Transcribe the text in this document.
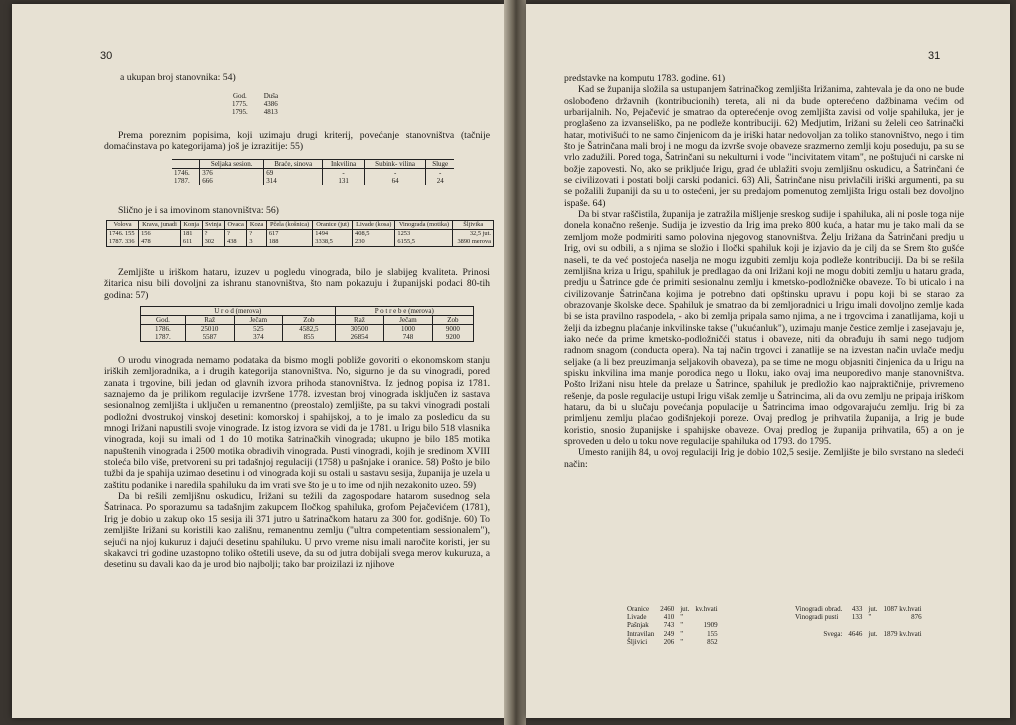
30
a ukupan broj stanovnika: 54)
God.	Duša
1775.	4386
1795.	4813

Prema poreznim popisima, koji uzimaju drugi kriterij, povećanje stanovništva (tačnije domaćinstava po kategorijama) još je izrazitije: 55)

	Seljaka sesion.	Braće, sinova	Inkvilina	Subink- vilina	Sluge
1746.	376	69	-	-	-
1787.	666	314	131	64	24

Slično je i sa imovinom stanovništva: 56)

Volova	Krava, junadi	Konja	Svinja	Ovaca	Koza	Pčela (košnica)	Oranice (jut)	Livade (kosa)	Vinograda (motika)	Šljivika
1746. 155	156	181	?	?	?	617	1494	408,5	1253	32,5 jut.
1787. 336	478	611	302	438	3	188	3338,5	230	6155,5	3890 merova

Zemljište u iriškom hataru, izuzev u pogledu vinograda, bilo je slabijeg kvaliteta. Prinosi žitarica nisu bili dovoljni za ishranu stanovništva, što nam pokazuju i županijski podaci 80-tih godina: 57)

U r o d (merova)				P o t r e b e (merova)		
God.	Raž	Ječam	Zob	Raž	Ječam	Zob
1786.	25010	525	4582,5	30500	1000	9000
1787.	5587	374	855	26854	748	9200

O urodu vinograda nemamo podataka da bismo mogli pobliže govoriti o ekonomskom stanju iriških zemljoradnika, a i drugih kategorija stanovništva. No, sigurno je da su vinogradi, pored zanata i trgovine, bili jedan od glavnih izvora prihoda stanovništva. Iz jednog popisa iz 1781. saznajemo da je prilikom regulacije izvršene 1778. izvestan broj vinograda isključen iz sastava sesionalnog zemljišta i uključen u remanentno (preostalo) zemljište, pa su takvi vinogradi postali podložni dvostrukoj vinskoj desetini: komorskoj i spahijskoj, a to je imalo za posledicu da su mnogi Irižani napustili svoje vinograde. Iz istog izvora se vidi da je 1781. u Irigu bilo 518 vlasnika vinograda, koji su imali od 1 do 10 motika šatrinačkih vinograda; ukupno je bilo 185 motika napuštenih vinograda i 2500 motika obradivih vinograda. Pusti vinogradi, kojih je sredinom XVIII stoleća bilo više, pretvoreni su pri tadašnjoj regulaciji (1758) u pašnjake i oranice. 58) Pošto je bilo tužbi da je spahija uzimao desetinu i od vinograda koji su ostali u sastavu sesija, županija je uzela u zaštitu podanike i naredila spahiluku da im vrati sve što je u to ime od njih nezakonito uzeo. 59)

Da bi rešili zemljišnu oskudicu, Irižani su težili da zagospodare hatarom susednog sela Šatrinaca. Po sporazumu sa tadašnjim zakupcem Iločkog spahiluka, grofom Pejačevićem (1781), Irig je dobio u zakup oko 15 sesija ili 371 jutro u šatrinačkom hataru za 300 for. godišnje. 60) To zemljište Irižani su koristili kao zališnu, remanentnu zemlju ("ultra competentiam sessionalem"), sejući na njoj kukuruz i dajući desetinu spahiluku. U prvo vreme nisu imali naročite koristi, jer su skakavci tri godine uzastopno toliko oštetili useve, da su od jutra dobijali svega merov kukuruza, a desetinu su davali kao da je urod bio najbolji; tako bar proizilazi iz njihove

31

predstavke na komputu 1783. godine. 61)

Kad se županija složila sa ustupanjem šatrinačkog zemljišta Irižanima, zahtevala je da ono ne bude oslobođeno državnih (kontribucionih) tereta, ali ni da bude opterećeno dažbinama većim od urbarijalnih. No, Pejačević je smatrao da opterećenje ovog zemljišta zavisi od volje spahiluka, jer je proglašeno za izvanseliško, pa ne podleže kontribuciji. 62) Medjutim, Irižani su želeli ceo šatrinački hatar, motivišući to ne samo činjenicom da je iriški hatar nedovoljan za toliko stanovništvo, nego i tim što je Šatrinčana mali broj i ne mogu da izvrše svoje obaveze srazmerno zemlji koju poseduju, pa su se vrlo zadužili. Pored toga, Šatrinčani su nekulturni i vode "incivitatem vitam", ne poštujući ni carske ni božje zapovesti. No, ako se prikljuće Irigu, grad će ublažiti svoju zemljišnu oskudicu, a Šatrinčani će se civilizovati i postati bolji carski podanici. 63) Ali, Šatrinčane nisu privlačili iriški argumenti, pa su se požalili županiji da su u to ostećeni, jer su predajom pomenutog zemljišta Irigu ostali bez dovoljno ispaše. 64)

Da bi stvar raščistila, županija je zatražila mišljenje sreskog sudije i spahiluka, ali ni posle toga nije donela konačno rešenje. Sudija je izvestio da Irig ima preko 800 kuća, a hatar mu je tako mali da se zemljom može podmiriti samo polovina njegovog stanovništva. Želju Irižana da Šatrinčani predju u Irig, ovi su odbili, a s njima se složio i Iločki spahiluk koji je izjavio da je cilj da se Srem što gušće naseli, te da već postojeća naselja ne mogu izgubiti zemlju koja podleže kontribuciji. Da bi se rešila zemljišna kriza u Irigu, spahiluk je predlagao da oni Irižani koji ne mogu dobiti zemlju u hataru grada, predju u Šatrince gde će primiti sesionalnu zemlju i kmetsko-podložničke obaveze. To bi uticalo i na civilizovanje Šatrinčana kojima je potrebno dati opštinsku upravu i popu koji bi se starao za obrazovanje školske dece. Spahiluk je smatrao da bi zemljoradnici u Irigu imali dovoljno zemlje kada bi se ista pravilno raspodela, - ako bi zemlja pripala samo njima, a ne i trgovcima i zanatlijama, koji u želji da izbegnu plaćanje inkvilinske takse ("ukućanluk"), uzimaju manje čestice zemlje i zasejavaju je, iako neće da prime kmetsko-podložničći status i obaveze, niti da obrađuju ih sami nego tudjom radnom snagom (conducta opera). Na taj način trgovci i zanatlije se na izvestan način uvlače medju seljake (a li bez preuzimanja seljakovih obaveza), pa se time ne mogu objasniti činjenica da u Irigu na spisku inkvilina ima manje porodica nego u Iloku, iako ovaj ima neuporedivo manje stanovništva. Pošto Irižani nisu htele da prelaze u Šatrince, spahiluk je predložio kao najpraktičnije, privremeno rešenje, da posle regulacije ustupi Irigu višak zemlje u Šatrincima, ali da ovu zemlju ne pripaja iriškom hataru, da bi u slučaju povećanja populacije u Šatrincima imao odgovarajuću zemlju. Irig bi za primljenu zemlju plaćao godišnjekoji poreze. Ovaj predlog je prihvatila županija, a Irig je bude koristio, snosio županijske i spahijske obaveze. Ovaj predlog je županija prihvatila, 65) a on je sproveden u delo u toku nove regulacije spahiluka od 1793. do 1795.

Umesto ranijih 84, u ovoj regulaciji Irig je dobio 102,5 sesije. Zemljište je bilo svrstano na sledeći način:

Oranice	2460	jut.	kv.hvati
Livade	410	"	
Pašnjak	743	"	1909
Intravilan	249	"	155
Šljivici	206	"	852
Vinogradi obrad.	433	jut.	1087 kv.hvati
Vinogradi pusti	133	"	876

Svega:	4646	jut.	1879 kv.hvati
